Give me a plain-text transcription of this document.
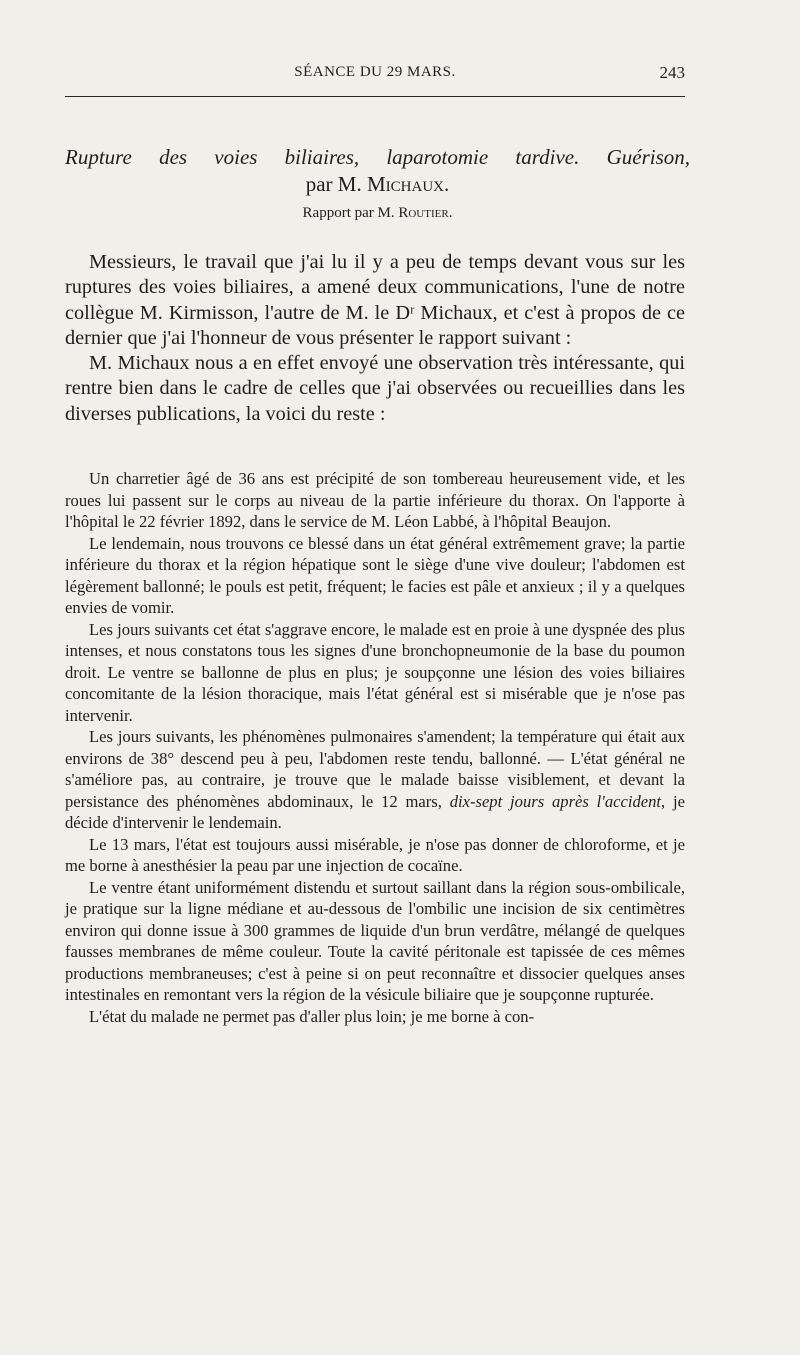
SÉANCE DU 29 MARS.	243
Rupture des voies biliaires, laparotomie tardive. Guérison,
par M. Michaux.
Rapport par M. Routier.

Messieurs, le travail que j'ai lu il y a peu de temps devant vous sur les ruptures des voies biliaires, a amené deux communications, l'une de notre collègue M. Kirmisson, l'autre de M. le Dʳ Michaux, et c'est à propos de ce dernier que j'ai l'honneur de vous présenter le rapport suivant :

M. Michaux nous a en effet envoyé une observation très intéressante, qui rentre bien dans le cadre de celles que j'ai observées ou recueillies dans les diverses publications, la voici du reste :

Un charretier âgé de 36 ans est précipité de son tombereau heureusement vide, et les roues lui passent sur le corps au niveau de la partie inférieure du thorax. On l'apporte à l'hôpital le 22 février 1892, dans le service de M. Léon Labbé, à l'hôpital Beaujon.

Le lendemain, nous trouvons ce blessé dans un état général extrêmement grave; la partie inférieure du thorax et la région hépatique sont le siège d'une vive douleur; l'abdomen est légèrement ballonné; le pouls est petit, fréquent; le facies est pâle et anxieux ; il y a quelques envies de vomir.

Les jours suivants cet état s'aggrave encore, le malade est en proie à une dyspnée des plus intenses, et nous constatons tous les signes d'une bronchopneumonie de la base du poumon droit. Le ventre se ballonne de plus en plus; je soupçonne une lésion des voies biliaires concomitante de la lésion thoracique, mais l'état général est si misérable que je n'ose pas intervenir.

Les jours suivants, les phénomènes pulmonaires s'amendent; la température qui était aux environs de 38° descend peu à peu, l'abdomen reste tendu, ballonné. — L'état général ne s'améliore pas, au contraire, je trouve que le malade baisse visiblement, et devant la persistance des phénomènes abdominaux, le 12 mars, dix-sept jours après l'accident, je décide d'intervenir le lendemain.

Le 13 mars, l'état est toujours aussi misérable, je n'ose pas donner de chloroforme, et je me borne à anesthésier la peau par une injection de cocaïne.

Le ventre étant uniformément distendu et surtout saillant dans la région sous-ombilicale, je pratique sur la ligne médiane et au-dessous de l'ombilic une incision de six centimètres environ qui donne issue à 300 grammes de liquide d'un brun verdâtre, mélangé de quelques fausses membranes de même couleur. Toute la cavité péritonale est tapissée de ces mêmes productions membraneuses; c'est à peine si on peut reconnaître et dissocier quelques anses intestinales en remontant vers la région de la vésicule biliaire que je soupçonne rupturée.

L'état du malade ne permet pas d'aller plus loin; je me borne à con-
